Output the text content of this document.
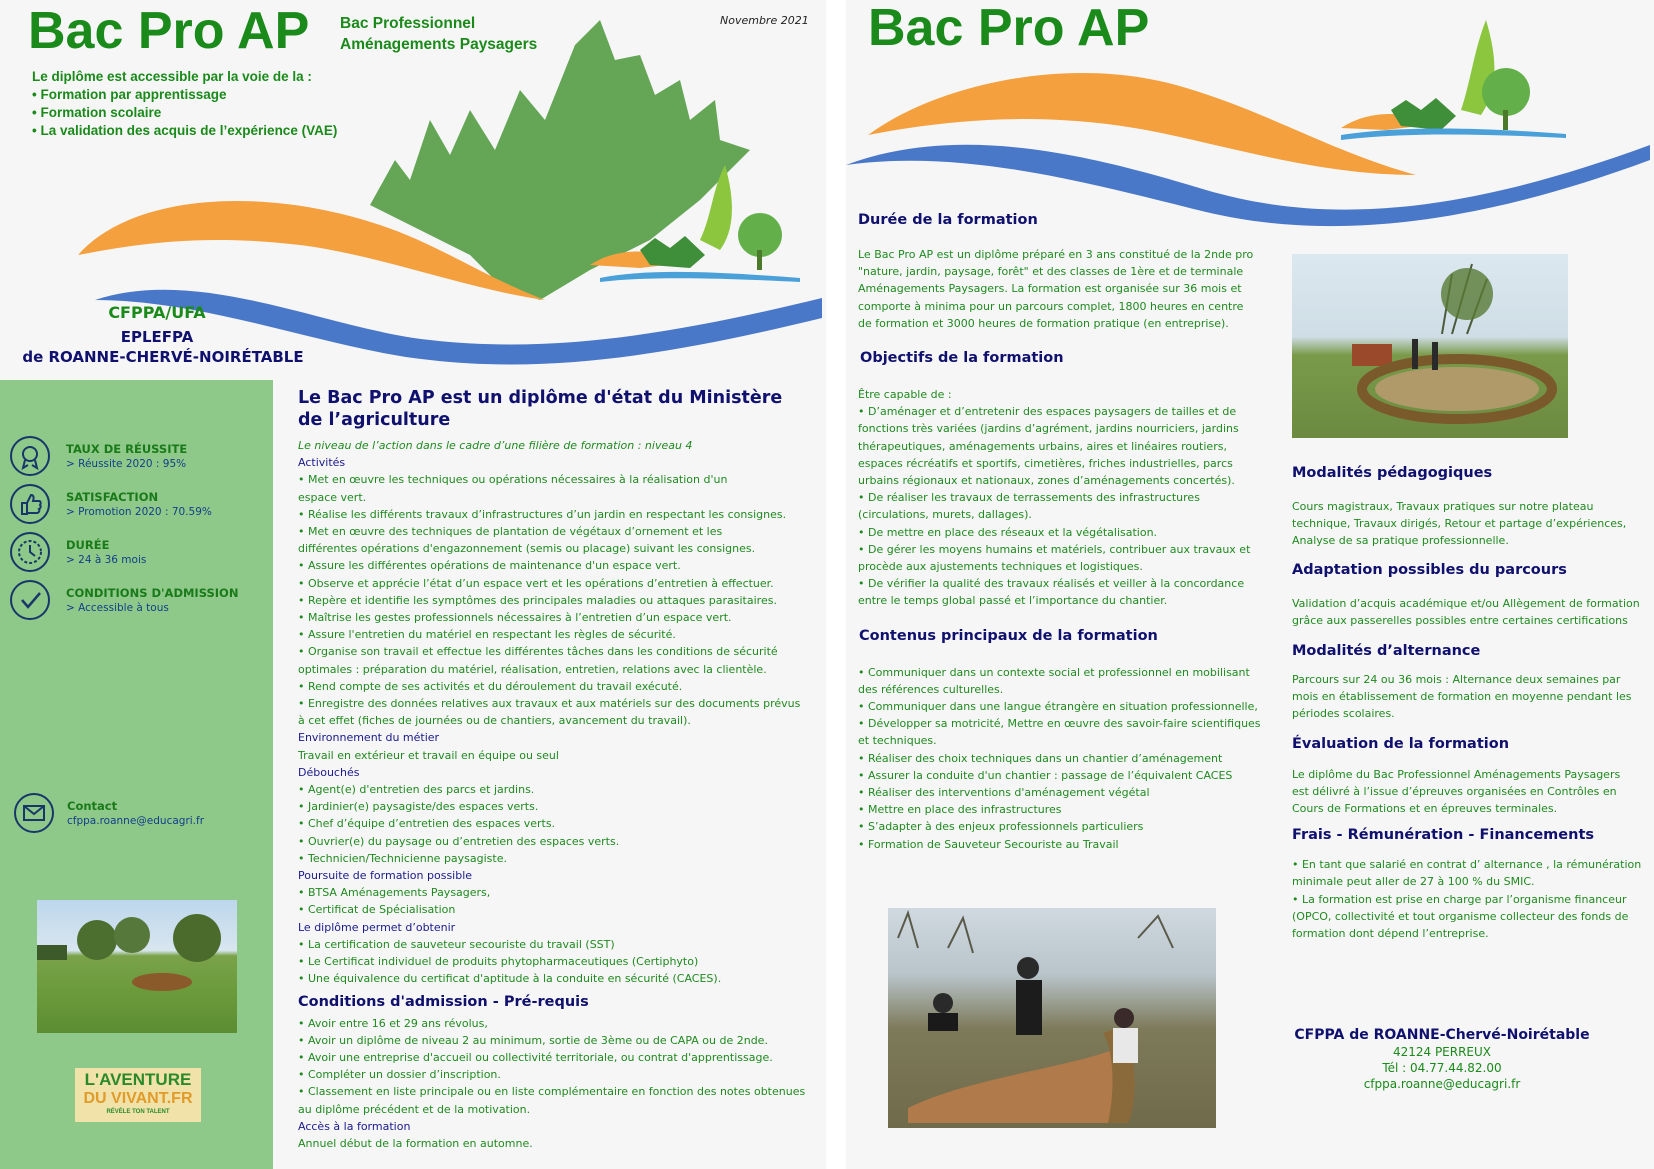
Bac Pro AP Bac Professionnel
Aménagements Paysagers
Novembre 2021
Le diplôme est accessible par la voie de la :
• Formation par apprentissage
• Formation scolaire
• La validation des acquis de l’expérience (VAE)
CFPPA/UFA
EPLEFPA
de ROANNE-CHERVÉ-NOIRÉTABLE
TAUX DE RÉUSSITE
> Réussite 2020 : 95%
SATISFACTION
> Promotion 2020 : 70.59%
DURÉE
> 24 à 36 mois
CONDITIONS D'ADMISSION
> Accessible à tous
Contact
cfppa.roanne@educagri.fr
L'AVENTURE
DU VIVANT.FR
RÉVÈLE TON TALENT
Le Bac Pro AP est un diplôme d'état du Ministère
de l’agriculture
Le niveau de l’action dans le cadre d’une filière de formation : niveau 4
Activités
• Met en œuvre les techniques ou opérations nécessaires à la réalisation d'un
espace vert.
• Réalise les différents travaux d’infrastructures d’un jardin en respectant les consignes.
• Met en œuvre des techniques de plantation de végétaux d’ornement et les
différentes opérations d'engazonnement (semis ou placage) suivant les consignes.
• Assure les différentes opérations de maintenance d'un espace vert.
• Observe et apprécie l’état d’un espace vert et les opérations d’entretien à effectuer.
• Repère et identifie les symptômes des principales maladies ou attaques parasitaires.
• Maîtrise les gestes professionnels nécessaires à l’entretien d’un espace vert.
• Assure l'entretien du matériel en respectant les règles de sécurité.
• Organise son travail et effectue les différentes tâches dans les conditions de sécurité
optimales : préparation du matériel, réalisation, entretien, relations avec la clientèle.
• Rend compte de ses activités et du déroulement du travail exécuté.
• Enregistre des données relatives aux travaux et aux matériels sur des documents prévus
à cet effet (fiches de journées ou de chantiers, avancement du travail).
Environnement du métier
Travail en extérieur et travail en équipe ou seul
Débouchés
• Agent(e) d'entretien des parcs et jardins.
• Jardinier(e) paysagiste/des espaces verts.
• Chef d’équipe d’entretien des espaces verts.
• Ouvrier(e) du paysage ou d’entretien des espaces verts.
• Technicien/Technicienne paysagiste.
Poursuite de formation possible
• BTSA Aménagements Paysagers,
• Certificat de Spécialisation
Le diplôme permet d’obtenir
• La certification de sauveteur secouriste du travail (SST)
• Le Certificat individuel de produits phytopharmaceutiques (Certiphyto)
• Une équivalence du certificat d'aptitude à la conduite en sécurité (CACES).
Conditions d'admission - Pré-requis
• Avoir entre 16 et 29 ans révolus,
• Avoir un diplôme de niveau 2 au minimum, sortie de 3ème ou de CAPA ou de 2nde.
• Avoir une entreprise d'accueil ou collectivité territoriale, ou contrat d'apprentissage.
• Compléter un dossier d’inscription.
• Classement en liste principale ou en liste complémentaire en fonction des notes obtenues
au diplôme précédent et de la motivation.
Accès à la formation
Annuel début de la formation en automne.
Bac Pro AP
Durée de la formation
Le Bac Pro AP est un diplôme préparé en 3 ans constitué de la 2nde pro
"nature, jardin, paysage, forêt" et des classes de 1ère et de terminale
Aménagements Paysagers. La formation est organisée sur 36 mois et
comporte à minima pour un parcours complet, 1800 heures en centre
de formation et 3000 heures de formation pratique (en entreprise).
Objectifs de la formation
Être capable de :
• D’aménager et d’entretenir des espaces paysagers de tailles et de
fonctions très variées (jardins d’agrément, jardins nourriciers, jardins
thérapeutiques, aménagements urbains, aires et linéaires routiers,
espaces récréatifs et sportifs, cimetières, friches industrielles, parcs
urbains régionaux et nationaux, zones d’aménagements concertés).
• De réaliser les travaux de terrassements des infrastructures
(circulations, murets, dallages).
• De mettre en place des réseaux et la végétalisation.
• De gérer les moyens humains et matériels, contribuer aux travaux et
procède aux ajustements techniques et logistiques.
• De vérifier la qualité des travaux réalisés et veiller à la concordance
entre le temps global passé et l’importance du chantier.
Contenus principaux de la formation
• Communiquer dans un contexte social et professionnel en mobilisant
des références culturelles.
• Communiquer dans une langue étrangère en situation professionnelle,
• Développer sa motricité, Mettre en œuvre des savoir-faire scientifiques
et techniques.
• Réaliser des choix techniques dans un chantier d’aménagement
• Assurer la conduite d'un chantier : passage de l’équivalent CACES
• Réaliser des interventions d'aménagement végétal
• Mettre en place des infrastructures
• S’adapter à des enjeux professionnels particuliers
• Formation de Sauveteur Secouriste au Travail
Modalités pédagogiques
Cours magistraux, Travaux pratiques sur notre plateau
technique, Travaux dirigés, Retour et partage d’expériences,
Analyse de sa pratique professionnelle.
Adaptation possibles du parcours
Validation d’acquis académique et/ou Allègement de formation
grâce aux passerelles possibles entre certaines certifications
Modalités d’alternance
Parcours sur 24 ou 36 mois : Alternance deux semaines par
mois en établissement de formation en moyenne pendant les
périodes scolaires.
Évaluation de la formation
Le diplôme du Bac Professionnel Aménagements Paysagers
est délivré à l’issue d’épreuves organisées en Contrôles en
Cours de Formations et en épreuves terminales.
Frais - Rémunération - Financements
• En tant que salarié en contrat d’ alternance , la rémunération
minimale peut aller de 27 à 100 % du SMIC.
• La formation est prise en charge par l’organisme financeur
(OPCO, collectivité et tout organisme collecteur des fonds de
formation dont dépend l’entreprise.
CFPPA de ROANNE-Chervé-Noirétable
42124 PERREUX
Tél : 04.77.44.82.00
cfppa.roanne@educagri.fr
